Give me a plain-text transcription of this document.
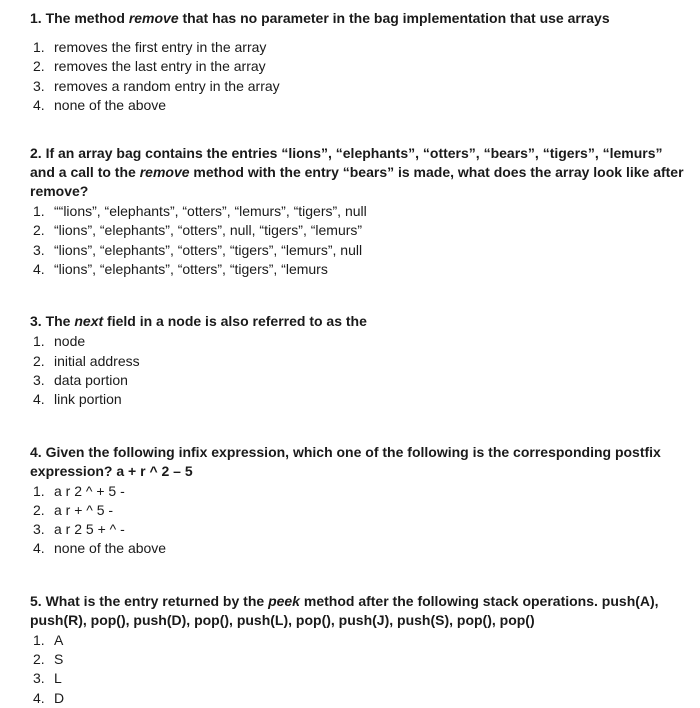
1. The method remove that has no parameter in the bag implementation that use arrays

1. removes the first entry in the array
2. removes the last entry in the array
3. removes a random entry in the array
4. none of the above

2. If an array bag contains the entries “lions”, “elephants”, “otters”, “bears”, “tigers”, “lemurs” and a call to the remove method with the entry “bears” is made, what does the array look like after remove?

1. ““lions”, “elephants”, “otters”, “lemurs”, “tigers”, null
2. “lions”, “elephants”, “otters”, null, “tigers”, “lemurs”
3. “lions”, “elephants”, “otters”, “tigers”, “lemurs”, null
4. “lions”, “elephants”, “otters”, “tigers”, “lemurs

3. The next field in a node is also referred to as the

1. node
2. initial address
3. data portion
4. link portion

4. Given the following infix expression, which one of the following is the corresponding postfix expression? a + r ^ 2 – 5

1. a r 2 ^ + 5 -
2. a r + ^ 5 -
3. a r 2 5 + ^ -
4. none of the above

5. What is the entry returned by the peek method after the following stack operations. push(A), push(R), pop(), push(D), pop(), push(L), pop(), push(J), push(S), pop(), pop()

1. A
2. S
3. L
4. D
